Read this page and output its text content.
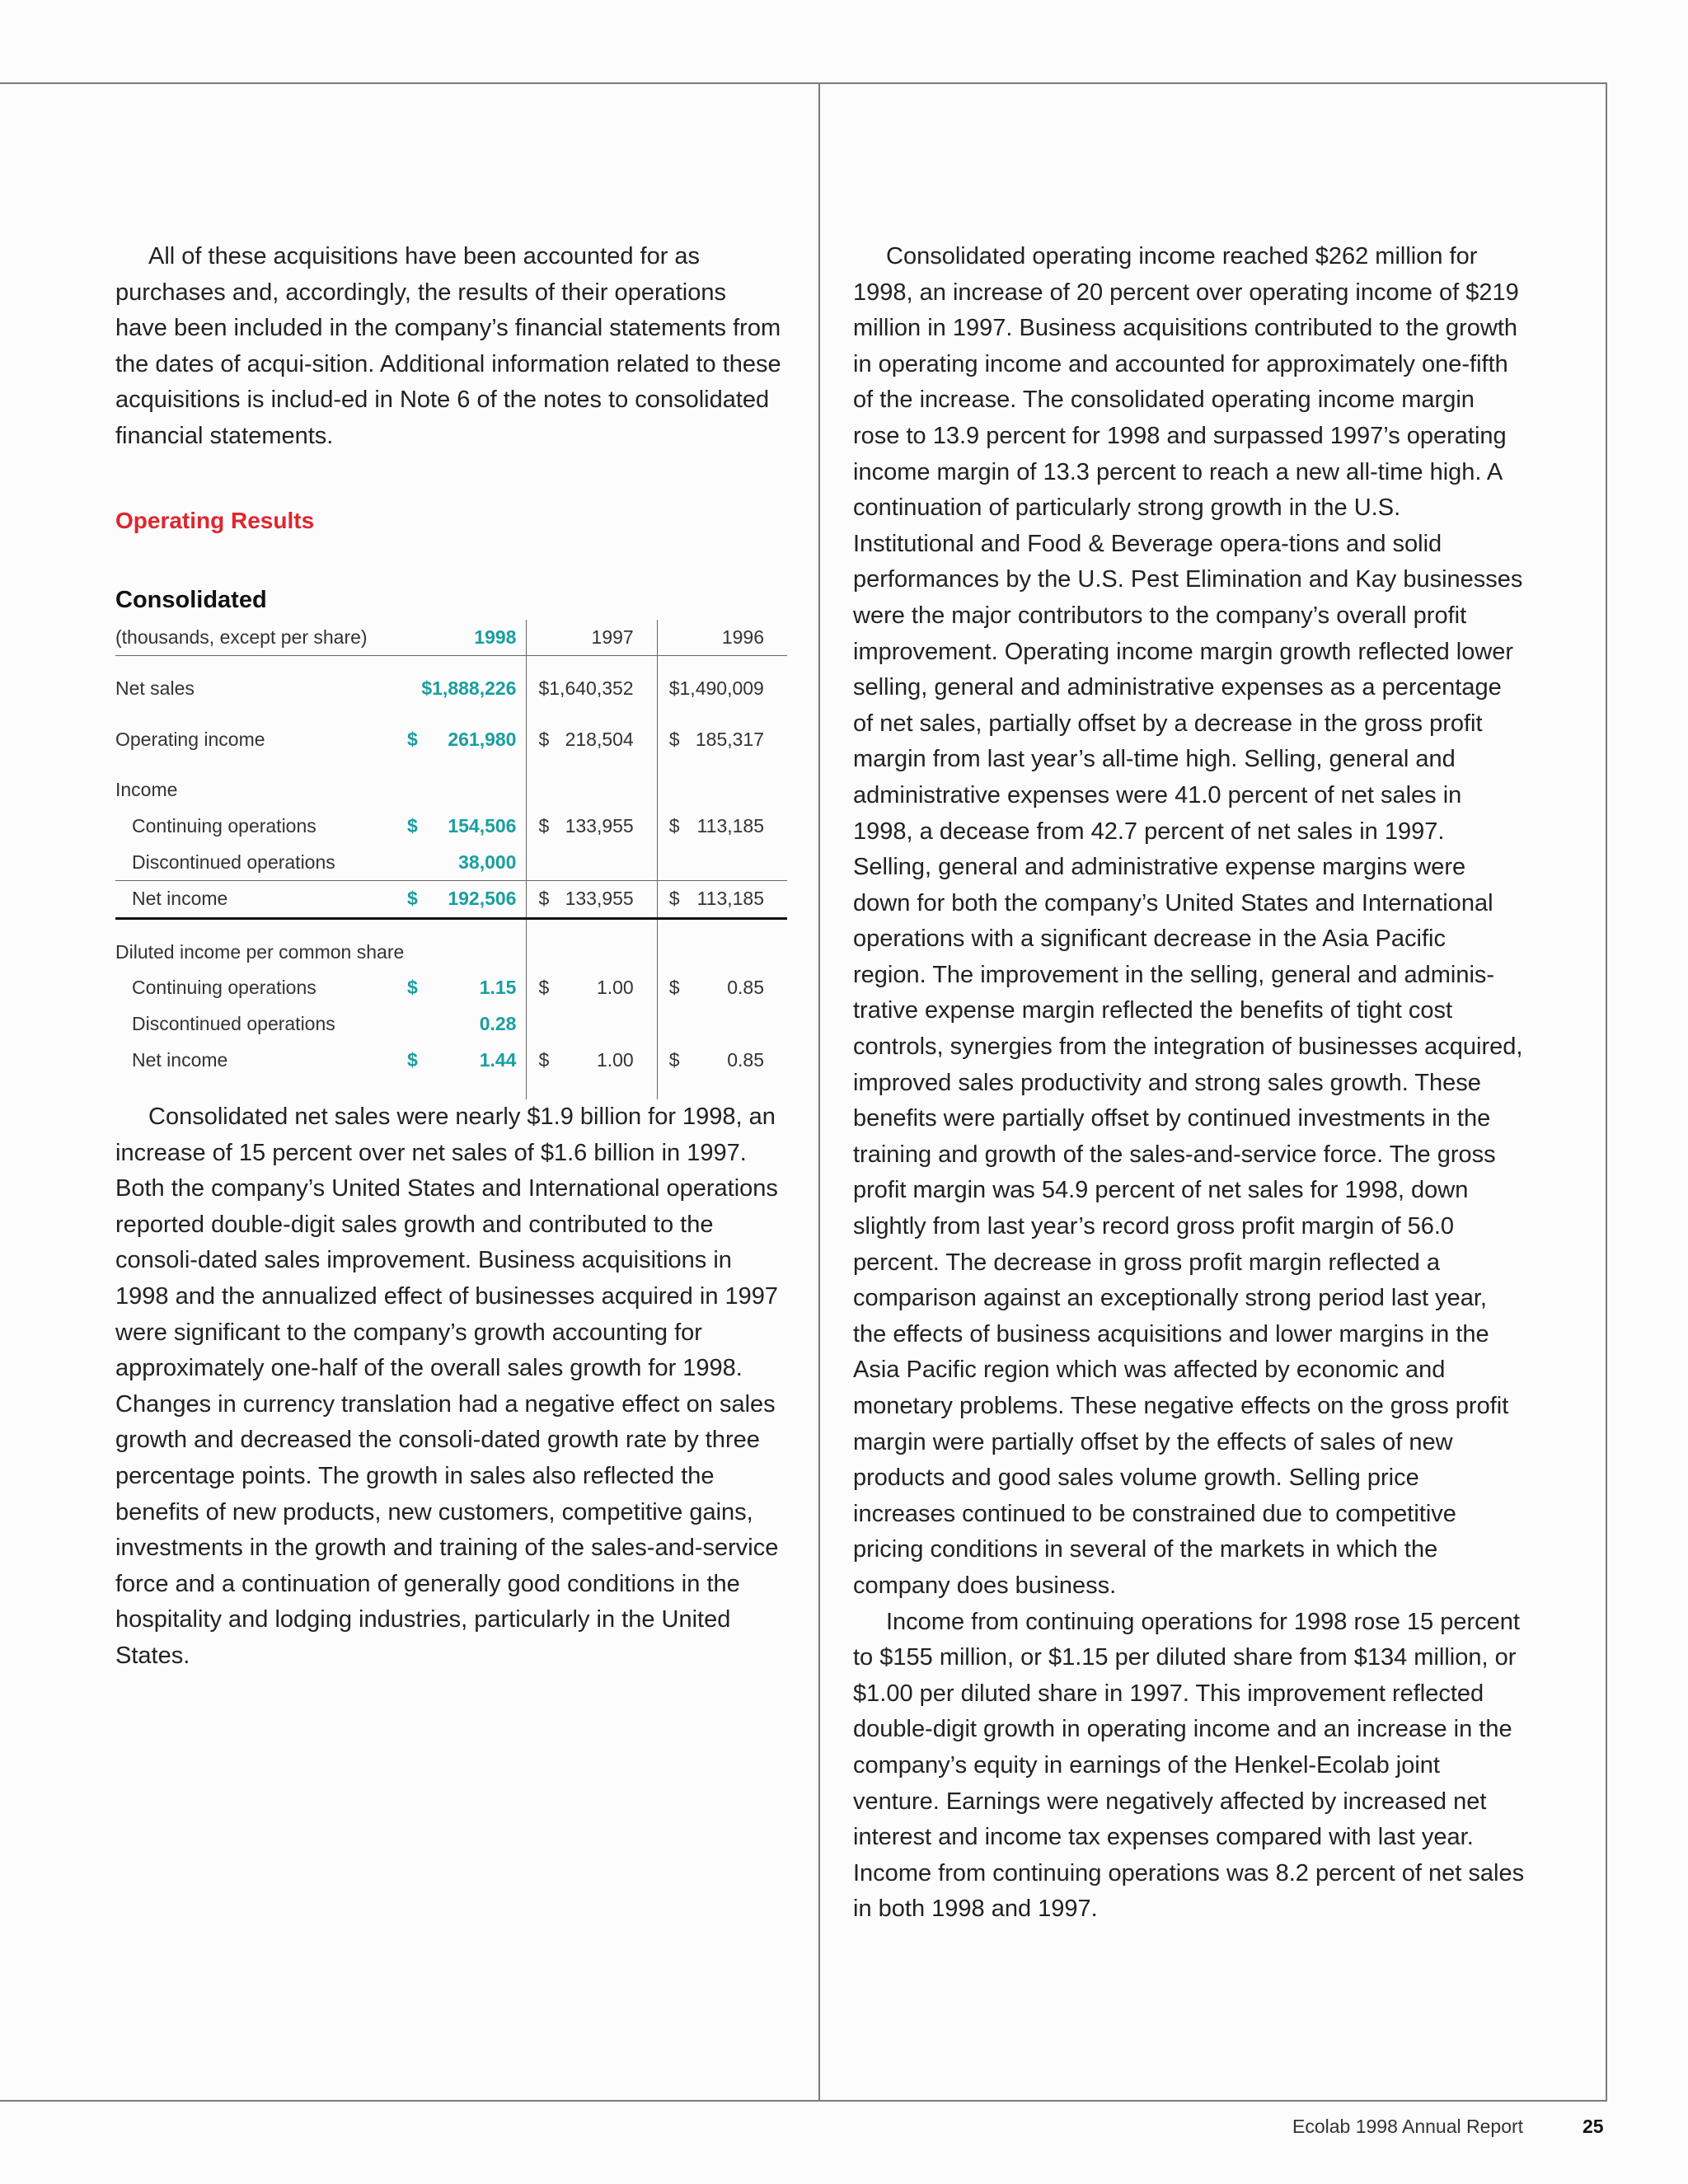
All of these acquisitions have been accounted for as purchases and, accordingly, the results of their operations have been included in the company’s financial statements from the dates of acqui-sition. Additional information related to these acquisitions is includ-ed in Note 6 of the notes to consolidated financial statements.

Operating Results
Consolidated
(thousands, except per share)	1998	1997	1996

Net sales	$1,888,226	$1,640,352	$1,490,009

Operating income	$ 261,980	$ 218,504	$ 185,317

Income			
Continuing operations	$ 154,506	$ 133,955	$ 113,185

Discontinued operations	38,000		
Net income	$ 192,506	$ 133,955	$ 113,185

Diluted income per common share			
Continuing operations	$ 1.15	$ 1.00	$ 0.85

Discontinued operations	0.28		
Net income	$ 1.44	$ 1.00	$ 0.85

Consolidated net sales were nearly $1.9 billion for 1998, an increase of 15 percent over net sales of $1.6 billion in 1997. Both the company’s United States and International operations reported double-digit sales growth and contributed to the consoli-dated sales improvement. Business acquisitions in 1998 and the annualized effect of businesses acquired in 1997 were significant to the company’s growth accounting for approximately one-half of the overall sales growth for 1998. Changes in currency translation had a negative effect on sales growth and decreased the consoli-dated growth rate by three percentage points. The growth in sales also reflected the benefits of new products, new customers, competitive gains, investments in the growth and training of the sales-and-service force and a continuation of generally good conditions in the hospitality and lodging industries, particularly in the United States.

Consolidated operating income reached $262 million for 1998, an increase of 20 percent over operating income of $219 million in 1997. Business acquisitions contributed to the growth in operating income and accounted for approximately one-fifth of the increase. The consolidated operating income margin rose to 13.9 percent for 1998 and surpassed 1997’s operating income margin of 13.3 percent to reach a new all-time high. A continuation of particularly strong growth in the U.S. Institutional and Food & Beverage opera-tions and solid performances by the U.S. Pest Elimination and Kay businesses were the major contributors to the company’s overall profit improvement. Operating income margin growth reflected lower selling, general and administrative expenses as a percentage of net sales, partially offset by a decrease in the gross profit margin from last year’s all-time high. Selling, general and administrative expenses were 41.0 percent of net sales in 1998, a decease from 42.7 percent of net sales in 1997. Selling, general and administrative expense margins were down for both the company’s United States and International operations with a significant decrease in the Asia Pacific region. The improvement in the selling, general and adminis-trative expense margin reflected the benefits of tight cost controls, synergies from the integration of businesses acquired, improved sales productivity and strong sales growth. These benefits were partially offset by continued investments in the training and growth of the sales-and-service force. The gross profit margin was 54.9 percent of net sales for 1998, down slightly from last year’s record gross profit margin of 56.0 percent. The decrease in gross profit margin reflected a comparison against an exceptionally strong period last year, the effects of business acquisitions and lower margins in the Asia Pacific region which was affected by economic and monetary problems. These negative effects on the gross profit margin were partially offset by the effects of sales of new products and good sales volume growth. Selling price increases continued to be constrained due to competitive pricing conditions in several of the markets in which the company does business.

Income from continuing operations for 1998 rose 15 percent to $155 million, or $1.15 per diluted share from $134 million, or $1.00 per diluted share in 1997. This improvement reflected double-digit growth in operating income and an increase in the company’s equity in earnings of the Henkel-Ecolab joint venture. Earnings were negatively affected by increased net interest and income tax expenses compared with last year. Income from continuing operations was 8.2 percent of net sales in both 1998 and 1997.

Ecolab 1998 Annual Report	25
